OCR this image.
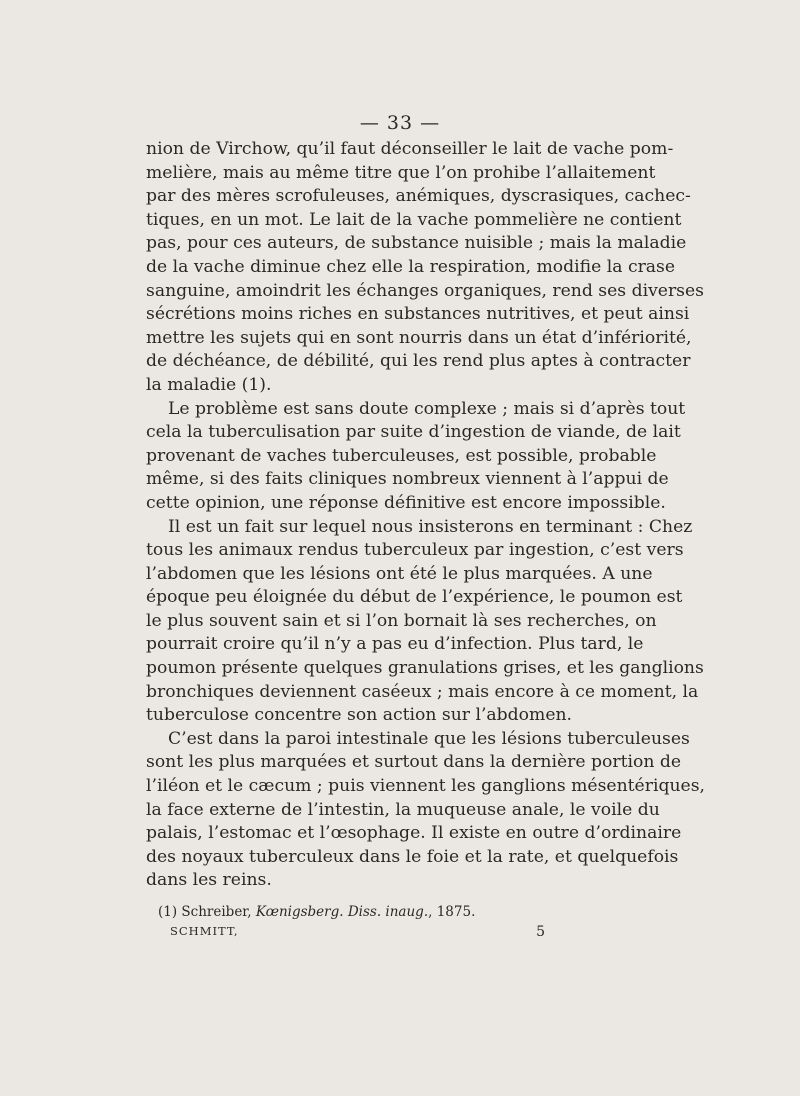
— 33 —

nion de Virchow, qu’il faut déconseiller le lait de vache pom-
melière, mais au même titre que l’on prohibe l’allaitement
par des mères scrofuleuses, anémiques, dyscrasiques, cachec-
tiques, en un mot. Le lait de la vache pommelière ne contient
pas, pour ces auteurs, de substance nuisible ; mais la maladie
de la vache diminue chez elle la respiration, modifie la crase
sanguine, amoindrit les échanges organiques, rend ses diverses
sécrétions moins riches en substances nutritives, et peut ainsi
mettre les sujets qui en sont nourris dans un état d’infériorité,
de déchéance, de débilité, qui les rend plus aptes à contracter
la maladie (1).

Le problème est sans doute complexe ; mais si d’après tout
cela la tuberculisation par suite d’ingestion de viande, de lait
provenant de vaches tuberculeuses, est possible, probable
même, si des faits cliniques nombreux viennent à l’appui de
cette opinion, une réponse définitive est encore impossible.

Il est un fait sur lequel nous insisterons en terminant : Chez
tous les animaux rendus tuberculeux par ingestion, c’est vers
l’abdomen que les lésions ont été le plus marquées. A une
époque peu éloignée du début de l’expérience, le poumon est
le plus souvent sain et si l’on bornait là ses recherches, on
pourrait croire qu’il n’y a pas eu d’infection. Plus tard, le
poumon présente quelques granulations grises, et les ganglions
bronchiques deviennent caséeux ; mais encore à ce moment, la
tuberculose concentre son action sur l’abdomen.

C’est dans la paroi intestinale que les lésions tuberculeuses
sont les plus marquées et surtout dans la dernière portion de
l’iléon et le cæcum ; puis viennent les ganglions mésentériques,
la face externe de l’intestin, la muqueuse anale, le voile du
palais, l’estomac et l’œsophage. Il existe en outre d’ordinaire
des noyaux tuberculeux dans le foie et la rate, et quelquefois
dans les reins.

(1) Schreiber, Kœnigsberg. Diss. inaug., 1875.
SCHMITT,	5
